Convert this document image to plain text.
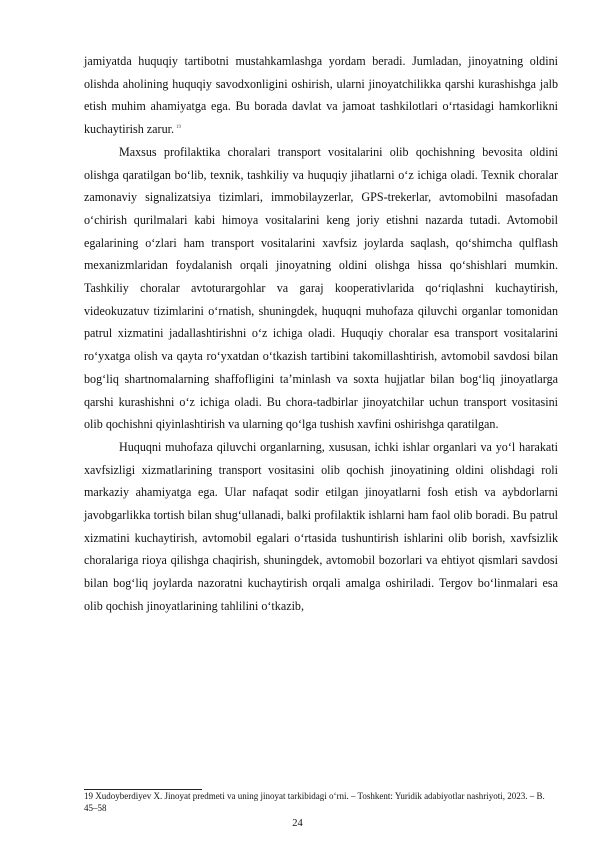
jamiyatda huquqiy tartibotni mustahkamlashga yordam beradi. Jumladan, jinoyatning oldini olishda aholining huquqiy savodxonligini oshirish, ularni jinoyatchilikka qarshi kurashishga jalb etish muhim ahamiyatga ega. Bu borada davlat va jamoat tashkilotlari o‘rtasidagi hamkorlikni kuchaytirish zarur. $^{19}$

Maxsus profilaktika choralari transport vositalarini olib qochishning bevosita oldini olishga qaratilgan bo‘lib, texnik, tashkiliy va huquqiy jihatlarni o‘z ichiga oladi. Texnik choralar zamonaviy signalizatsiya tizimlari, immobilayzerlar, GPS-trekerlar, avtomobilni masofadan o‘chirish qurilmalari kabi himoya vositalarini keng joriy etishni nazarda tutadi. Avtomobil egalarining o‘zlari ham transport vositalarini xavfsiz joylarda saqlash, qo‘shimcha qulflash mexanizmlaridan foydalanish orqali jinoyatning oldini olishga hissa qo‘shishlari mumkin. Tashkiliy choralar avtoturargohlar va garaj kooperativlarida qo‘riqlashni kuchaytirish, videokuzatuv tizimlarini o‘rnatish, shuningdek, huquqni muhofaza qiluvchi organlar tomonidan patrul xizmatini jadallashtirishni o‘z ichiga oladi. Huquqiy choralar esa transport vositalarini ro‘yxatga olish va qayta ro‘yxatdan o‘tkazish tartibini takomillashtirish, avtomobil savdosi bilan bog‘liq shartnomalarning shaffofligini ta’minlash va soxta hujjatlar bilan bog‘liq jinoyatlarga qarshi kurashishni o‘z ichiga oladi. Bu chora-tadbirlar jinoyatchilar uchun transport vositasini olib qochishni qiyinlashtirish va ularning qo‘lga tushish xavfini oshirishga qaratilgan.

Huquqni muhofaza qiluvchi organlarning, xususan, ichki ishlar organlari va yo‘l harakati xavfsizligi xizmatlarining transport vositasini olib qochish jinoyatining oldini olishdagi roli markaziy ahamiyatga ega. Ular nafaqat sodir etilgan jinoyatlarni fosh etish va aybdorlarni javobgarlikka tortish bilan shug‘ullanadi, balki profilaktik ishlarni ham faol olib boradi. Bu patrul xizmatini kuchaytirish, avtomobil egalari o‘rtasida tushuntirish ishlarini olib borish, xavfsizlik choralariga rioya qilishga chaqirish, shuningdek, avtomobil bozorlari va ehtiyot qismlari savdosi bilan bog‘liq joylarda nazoratni kuchaytirish orqali amalga oshiriladi. Tergov bo‘linmalari esa olib qochish jinoyatlarining tahlilini o‘tkazib,

19 Xudoyberdiyev X. Jinoyat predmeti va uning jinoyat tarkibidagi o‘rni. – Toshkent: Yuridik adabiyotlar nashriyoti, 2023. – B. 45–58

24
